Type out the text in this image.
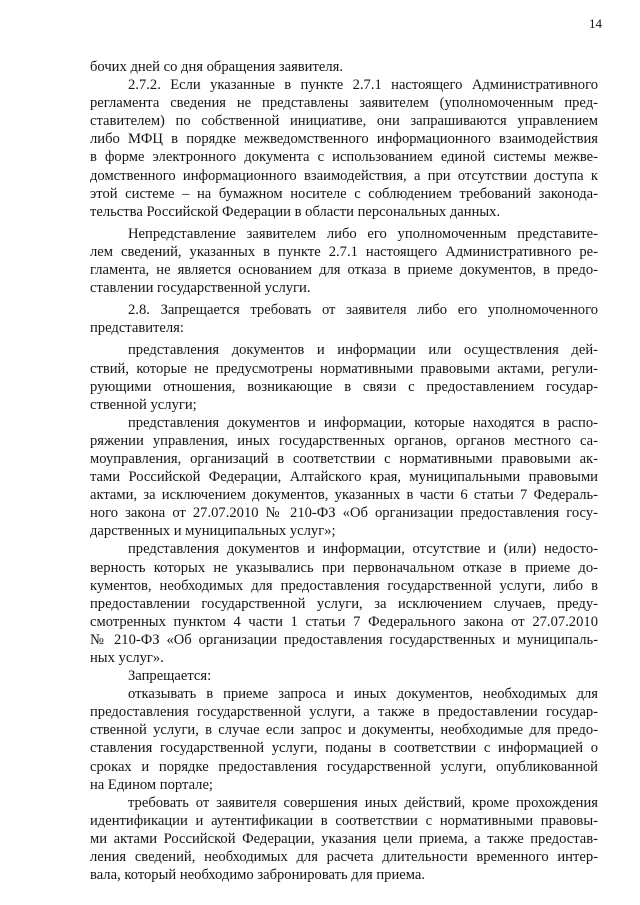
14
бочих дней со дня обращения заявителя.
2.7.2. Если указанные в пункте 2.7.1 настоящего Административного
регламента сведения не представлены заявителем (уполномоченным пред-
ставителем) по собственной инициативе, они запрашиваются управлением
либо МФЦ в порядке межведомственного информационного взаимодействия
в форме электронного документа с использованием единой системы межве-
домственного информационного взаимодействия, а при отсутствии доступа к
этой системе – на бумажном носителе с соблюдением требований законода-
тельства Российской Федерации в области персональных данных.
Непредставление заявителем либо его уполномоченным представите-
лем сведений, указанных в пункте 2.7.1 настоящего Административного ре-
гламента, не является основанием для отказа в приеме документов, в предо-
ставлении государственной услуги.
2.8. Запрещается требовать от заявителя либо его уполномоченного
представителя:
представления документов и информации или осуществления дей-
ствий, которые не предусмотрены нормативными правовыми актами, регули-
рующими отношения, возникающие в связи с предоставлением государ-
ственной услуги;
представления документов и информации, которые находятся в распо-
ряжении управления, иных государственных органов, органов местного са-
моуправления, организаций в соответствии с нормативными правовыми ак-
тами Российской Федерации, Алтайского края, муниципальными правовыми
актами, за исключением документов, указанных в части 6 статьи 7 Федераль-
ного закона от 27.07.2010 № 210-ФЗ «Об организации предоставления госу-
дарственных и муниципальных услуг»;
представления документов и информации, отсутствие и (или) недосто-
верность которых не указывались при первоначальном отказе в приеме до-
кументов, необходимых для предоставления государственной услуги, либо в
предоставлении государственной услуги, за исключением случаев, преду-
смотренных пунктом 4 части 1 статьи 7 Федерального закона от 27.07.2010
№ 210-ФЗ «Об организации предоставления государственных и муниципаль-
ных услуг».
Запрещается:
отказывать в приеме запроса и иных документов, необходимых для
предоставления государственной услуги, а также в предоставлении государ-
ственной услуги, в случае если запрос и документы, необходимые для предо-
ставления государственной услуги, поданы в соответствии с информацией о
сроках и порядке предоставления государственной услуги, опубликованной
на Едином портале;
требовать от заявителя совершения иных действий, кроме прохождения
идентификации и аутентификации в соответствии с нормативными правовы-
ми актами Российской Федерации, указания цели приема, а также предостав-
ления сведений, необходимых для расчета длительности временного интер-
вала, который необходимо забронировать для приема.
